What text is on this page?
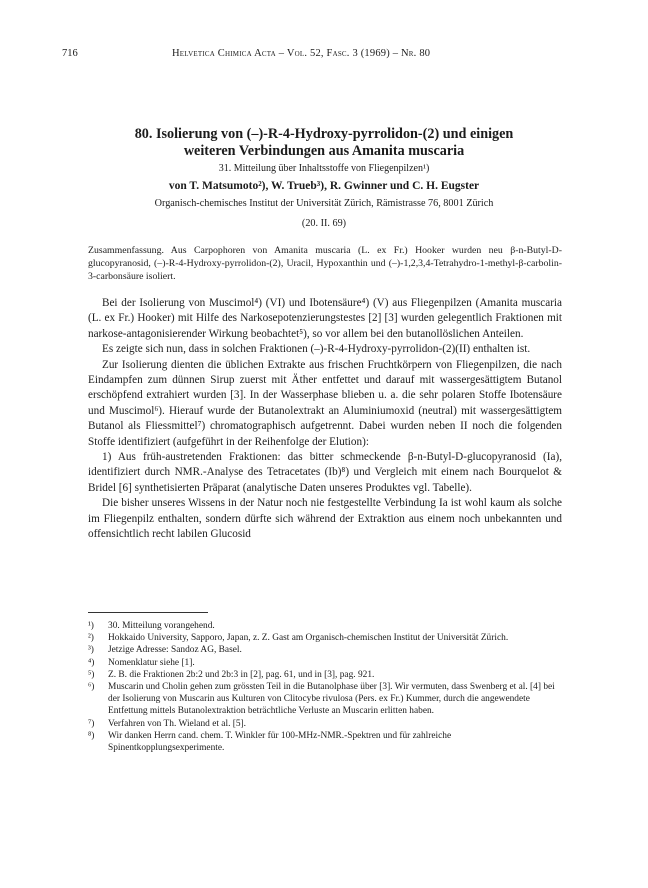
716	Helvetica Chimica Acta – Vol. 52, Fasc. 3 (1969) – Nr. 80
80. Isolierung von (–)-R-4-Hydroxy-pyrrolidon-(2) und einigen
weiteren Verbindungen aus Amanita muscaria
31. Mitteilung über Inhaltsstoffe von Fliegenpilzen¹)
von T. Matsumoto²), W. Trueb³), R. Gwinner und C. H. Eugster
Organisch-chemisches Institut der Universität Zürich, Rämistrasse 76, 8001 Zürich
(20. II. 69)
Zusammenfassung. Aus Carpophoren von Amanita muscaria (L. ex Fr.) Hooker wurden neu β-n-Butyl-D-glucopyranosid, (–)-R-4-Hydroxy-pyrrolidon-(2), Uracil, Hypoxanthin und (–)-1,2,3,4-Tetrahydro-1-methyl-β-carbolin-3-carbonsäure isoliert.

Bei der Isolierung von Muscimol⁴) (VI) und Ibotensäure⁴) (V) aus Fliegenpilzen (Amanita muscaria (L. ex Fr.) Hooker) mit Hilfe des Narkosepotenzierungstestes [2] [3] wurden gelegentlich Fraktionen mit narkose-antagonisierender Wirkung beobachtet⁵), so vor allem bei den butanollöslichen Anteilen.

Es zeigte sich nun, dass in solchen Fraktionen (–)-R-4-Hydroxy-pyrrolidon-(2)(II) enthalten ist.

Zur Isolierung dienten die üblichen Extrakte aus frischen Fruchtkörpern von Fliegenpilzen, die nach Eindampfen zum dünnen Sirup zuerst mit Äther entfettet und darauf mit wassergesättigtem Butanol erschöpfend extrahiert wurden [3]. In der Wasserphase blieben u. a. die sehr polaren Stoffe Ibotensäure und Muscimol⁶). Hierauf wurde der Butanolextrakt an Aluminiumoxid (neutral) mit wassergesättigtem Butanol als Fliessmittel⁷) chromatographisch aufgetrennt. Dabei wurden neben II noch die folgenden Stoffe identifiziert (aufgeführt in der Reihenfolge der Elution):

1) Aus früh-austretenden Fraktionen: das bitter schmeckende β-n-Butyl-D-glucopyranosid (Ia), identifiziert durch NMR.-Analyse des Tetracetates (Ib)⁸) und Vergleich mit einem nach Bourquelot & Bridel [6] synthetisierten Präparat (analytische Daten unseres Produktes vgl. Tabelle).

Die bisher unseres Wissens in der Natur noch nie festgestellte Verbindung Ia ist wohl kaum als solche im Fliegenpilz enthalten, sondern dürfte sich während der Extraktion aus einem noch unbekannten und offensichtlich recht labilen Glucosid

¹) 30. Mitteilung vorangehend.
²) Hokkaido University, Sapporo, Japan, z. Z. Gast am Organisch-chemischen Institut der Universität Zürich.
³) Jetzige Adresse: Sandoz AG, Basel.
⁴) Nomenklatur siehe [1].
⁵) Z. B. die Fraktionen 2b:2 und 2b:3 in [2], pag. 61, und in [3], pag. 921.
⁶) Muscarin und Cholin gehen zum grössten Teil in die Butanolphase über [3]. Wir vermuten, dass Swenberg et al. [4] bei der Isolierung von Muscarin aus Kulturen von Clitocybe rivulosa (Pers. ex Fr.) Kummer, durch die angewendete Entfettung mittels Butanolextraktion beträchtliche Verluste an Muscarin erlitten haben.
⁷) Verfahren von Th. Wieland et al. [5].
⁸) Wir danken Herrn cand. chem. T. Winkler für 100-MHz-NMR.-Spektren und für zahlreiche Spinentkopplungsexperimente.
